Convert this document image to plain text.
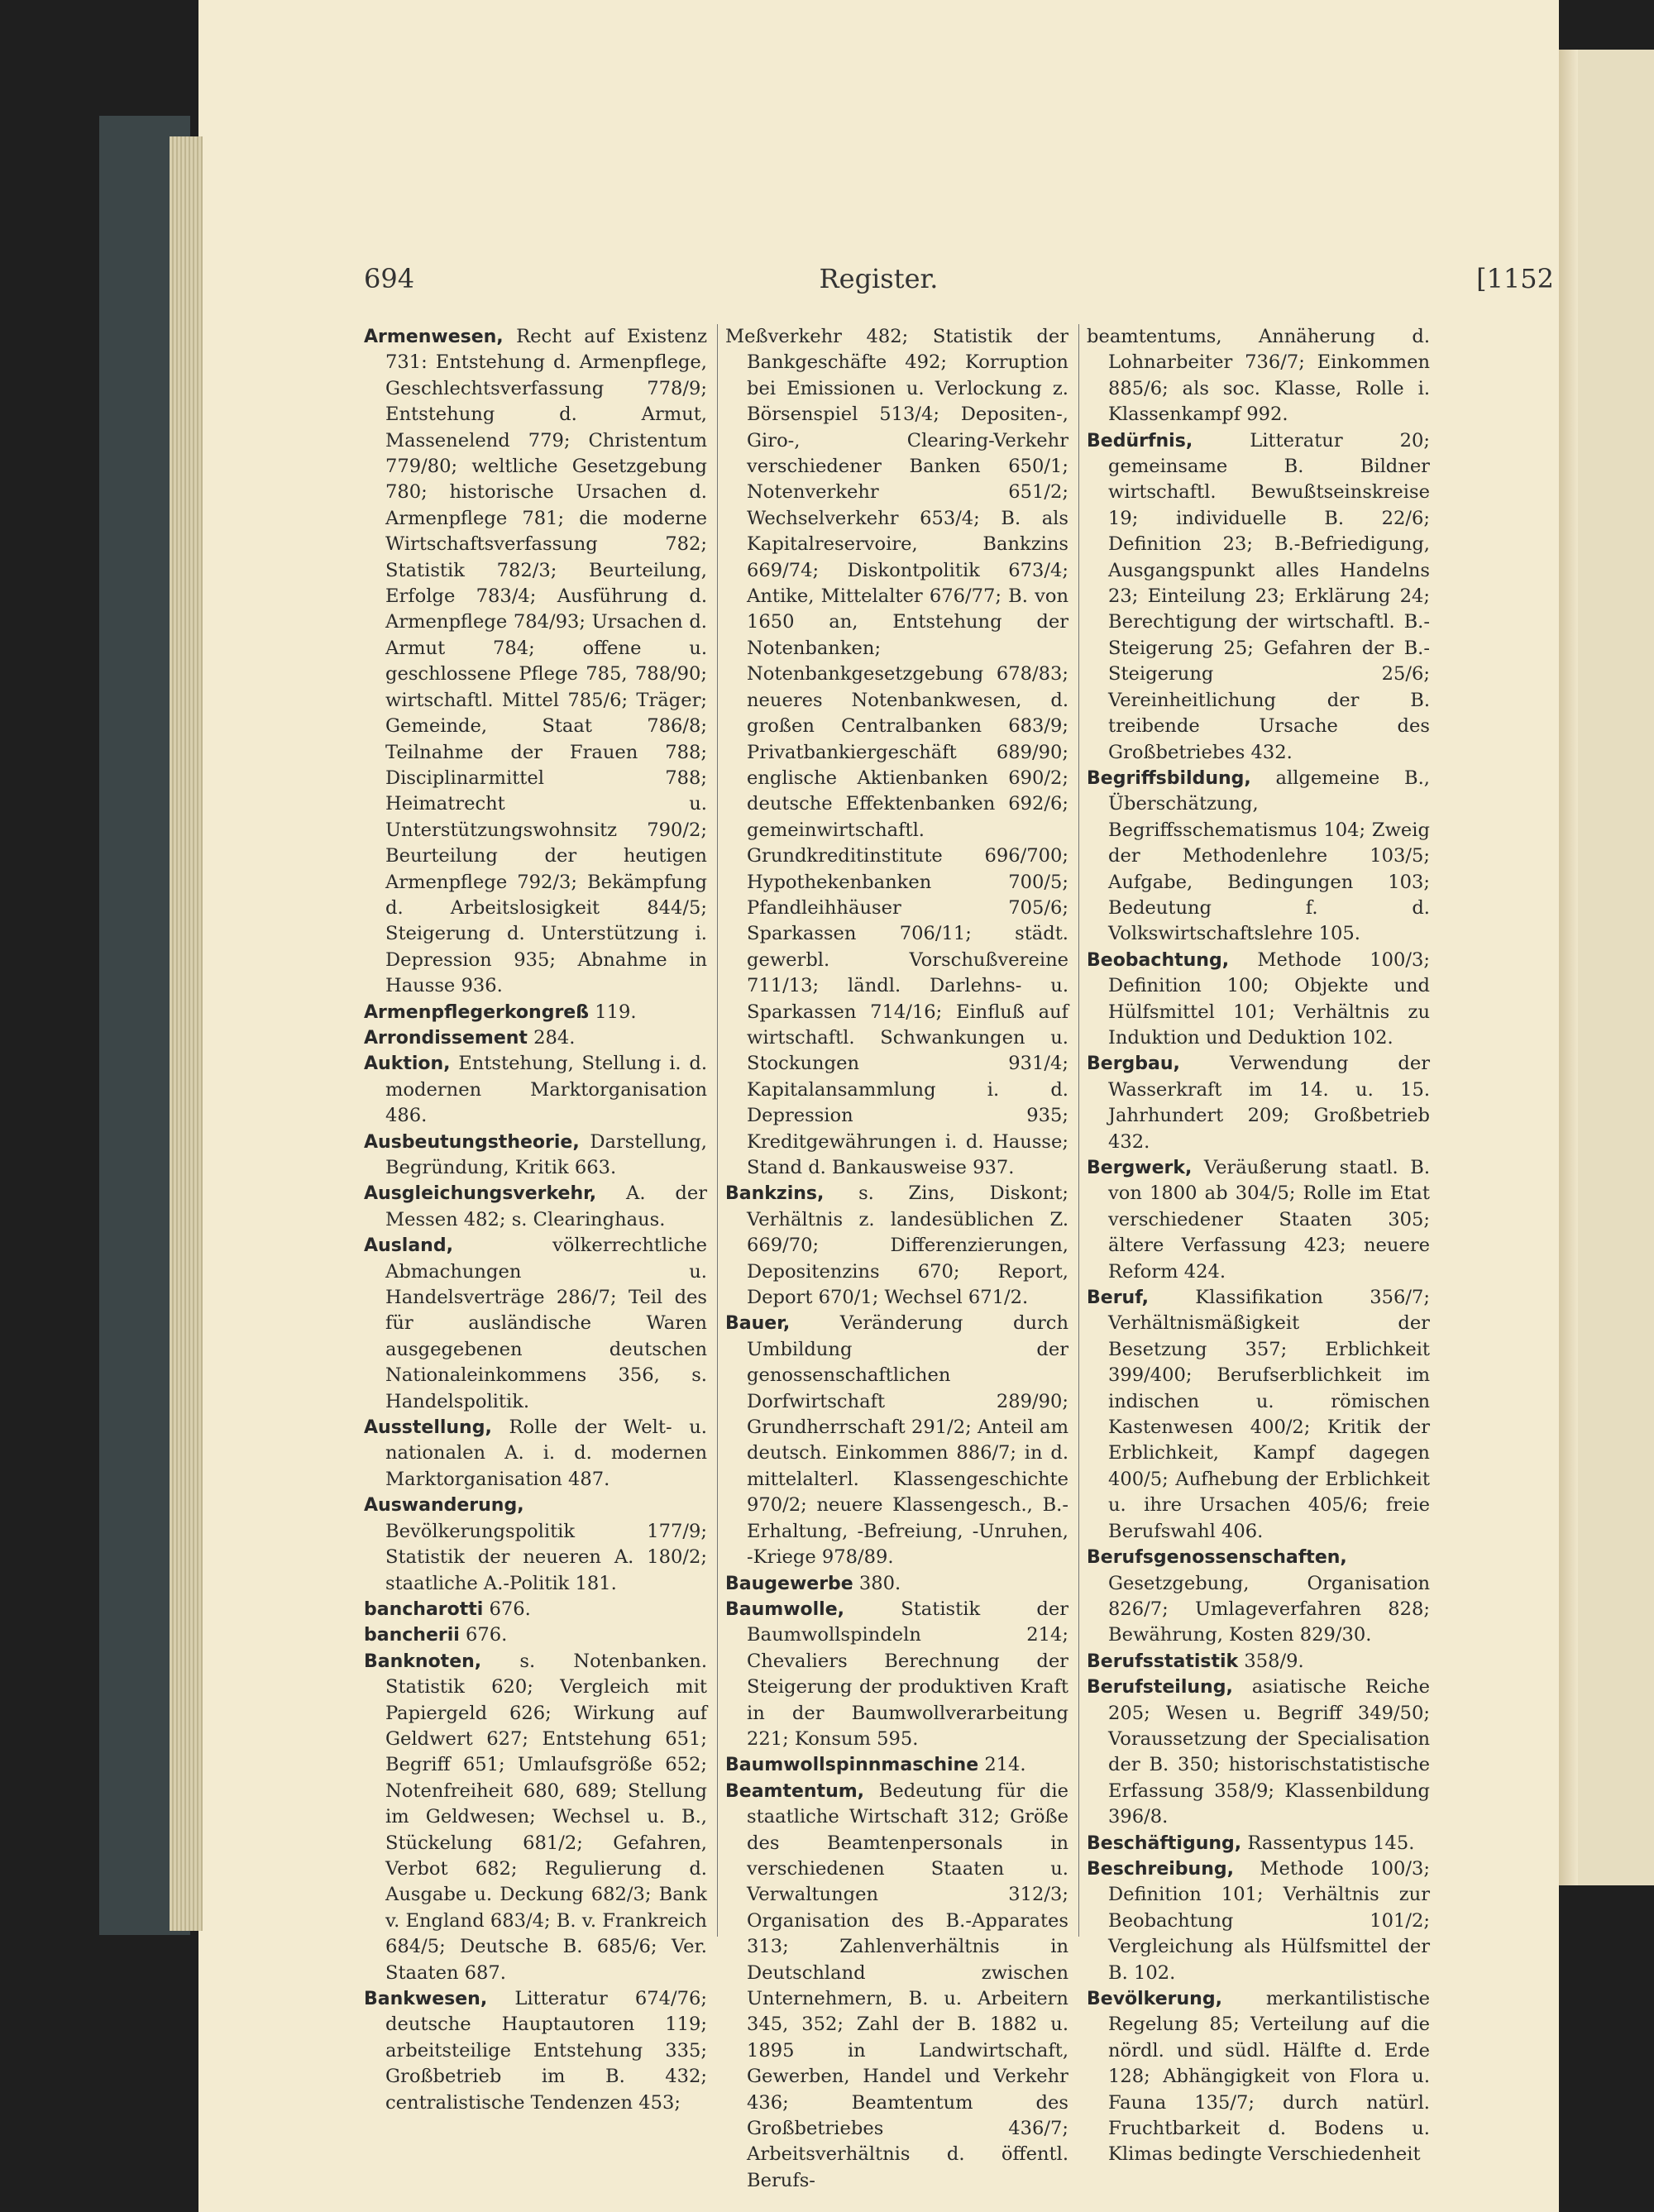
694	Register.	[1152

Armenwesen, Recht auf Existenz 731: Entstehung d. Armenpflege, Geschlechtsverfassung 778/9; Entstehung d. Armut, Massenelend 779; Christentum 779/80; weltliche Gesetzgebung 780; historische Ursachen d. Armenpflege 781; die moderne Wirtschaftsverfassung 782; Statistik 782/3; Beurteilung, Erfolge 783/4; Ausführung d. Armenpflege 784/93; Ursachen d. Armut 784; offene u. geschlossene Pflege 785, 788/90; wirtschaftl. Mittel 785/6; Träger; Gemeinde, Staat 786/8; Teilnahme der Frauen 788; Disciplinarmittel 788; Heimatrecht u. Unterstützungswohnsitz 790/2; Beurteilung der heutigen Armenpflege 792/3; Bekämpfung d. Arbeitslosigkeit 844/5; Steigerung d. Unterstützung i. Depression 935; Abnahme in Hausse 936.

Armenpflegerkongreß 119.

Arrondissement 284.

Auktion, Entstehung, Stellung i. d. modernen Marktorganisation 486.

Ausbeutungstheorie, Darstellung, Begründung, Kritik 663.

Ausgleichungsverkehr, A. der Messen 482; s. Clearinghaus.

Ausland,	völkerrechtliche Abmachungen u. Handelsverträge 286/7; Teil des für ausländische Waren ausgegebenen deutschen Nationaleinkommens 356, s. Handelspolitik.

Ausstellung, Rolle der Welt- u. nationalen A. i. d. modernen Marktorganisation 487.

Auswanderung, Bevölkerungspolitik 177/9; Statistik der neueren A. 180/2; staatliche A.-Politik 181.

bancharotti 676.

bancherii 676.

Banknoten, s. Notenbanken. Statistik 620; Vergleich mit Papiergeld 626; Wirkung auf Geldwert 627; Entstehung 651; Begriff 651; Umlaufsgröße 652; Notenfreiheit 680, 689; Stellung im Geldwesen; Wechsel u. B., Stückelung 681/2; Gefahren, Verbot 682; Regulierung d. Ausgabe u. Deckung 682/3; Bank v. England 683/4; B. v. Frankreich 684/5; Deutsche B. 685/6; Ver. Staaten 687.

Bankwesen, Litteratur 674/76; deutsche Hauptautoren 119; arbeitsteilige Entstehung 335; Großbetrieb im B. 432; centralistische Tendenzen 453;

Meßverkehr 482; Statistik der Bankgeschäfte 492; Korruption bei Emissionen u. Verlockung z. Börsenspiel 513/4; Depositen-, Giro-, Clearing-Verkehr verschiedener Banken 650/1; Notenverkehr 651/2; Wechselverkehr 653/4; B. als Kapitalreservoire, Bankzins 669/74; Diskontpolitik 673/4; Antike, Mittelalter 676/77; B. von 1650 an, Entstehung der Notenbanken; Notenbankgesetzgebung 678/83; neueres Notenbankwesen, d. großen Centralbanken 683/9; Privatbankiergeschäft 689/90; englische Aktienbanken 690/2; deutsche Effektenbanken 692/6; gemeinwirtschaftl. Grundkreditinstitute 696/700; Hypothekenbanken 700/5; Pfandleihhäuser 705/6; Sparkassen 706/11; städt. gewerbl. Vorschußvereine 711/13; ländl. Darlehns- u. Sparkassen 714/16; Einfluß auf wirtschaftl. Schwankungen u. Stockungen 931/4; Kapitalansammlung i. d. Depression 935; Kreditgewährungen i. d. Hausse; Stand d. Bankausweise 937.

Bankzins, s. Zins, Diskont; Verhältnis z. landesüblichen Z. 669/70; Differenzierungen, Depositenzins 670; Report, Deport 670/1; Wechsel 671/2.

Bauer,	Veränderung durch Umbildung der genossenschaftlichen Dorfwirtschaft 289/90; Grundherrschaft 291/2; Anteil am deutsch. Einkommen 886/7; in d. mittelalterl. Klassengeschichte 970/2; neuere Klassengesch., B.-Erhaltung, -Befreiung, -Unruhen, -Kriege 978/89.

Baugewerbe 380.

Baumwolle,	Statistik der Baumwollspindeln 214; Chevaliers Berechnung der Steigerung der produktiven Kraft in der Baumwollverarbeitung 221; Konsum 595.

Baumwollspinnmaschine 214.

Beamtentum, Bedeutung für die staatliche Wirtschaft 312; Größe des Beamtenpersonals in verschiedenen Staaten u. Verwaltungen 312/3; Organisation des B.-Apparates 313; Zahlenverhältnis in Deutschland zwischen Unternehmern, B. u. Arbeitern 345, 352; Zahl der B. 1882 u. 1895 in Landwirtschaft, Gewerben, Handel und Verkehr 436; Beamtentum des Großbetriebes 436/7; Arbeitsverhältnis d. öffentl. Berufs-

beamtentums, Annäherung d. Lohnarbeiter 736/7; Einkommen 885/6; als soc. Klasse, Rolle i. Klassenkampf 992.

Bedürfnis,	Litteratur 20; gemeinsame B. Bildner wirtschaftl. Bewußtseinskreise 19; individuelle B. 22/6; Definition 23; B.-Befriedigung, Ausgangspunkt alles Handelns 23; Einteilung 23; Erklärung 24; Berechtigung der wirtschaftl. B.-Steigerung 25; Gefahren der B.-Steigerung 25/6; Vereinheitlichung der B. treibende Ursache des Großbetriebes 432.

Begriffsbildung, allgemeine B., Überschätzung, Begriffsschematismus 104; Zweig der Methodenlehre 103/5; Aufgabe, Bedingungen 103; Bedeutung f. d. Volkswirtschaftslehre 105.

Beobachtung, Methode 100/3; Definition 100; Objekte und Hülfsmittel 101; Verhältnis zu Induktion und Deduktion 102.

Bergbau,	Verwendung der Wasserkraft im 14. u. 15. Jahrhundert 209; Großbetrieb 432.

Bergwerk, Veräußerung staatl. B. von 1800 ab 304/5; Rolle im Etat verschiedener Staaten 305; ältere Verfassung 423; neuere Reform 424.

Beruf, Klassifikation 356/7; Verhältnismäßigkeit der Besetzung 357; Erblichkeit 399/400; Berufserblichkeit im indischen u. römischen Kastenwesen 400/2; Kritik der Erblichkeit, Kampf dagegen 400/5; Aufhebung der Erblichkeit u. ihre Ursachen 405/6; freie Berufswahl 406.

Berufsgenossenschaften, Gesetzgebung, Organisation 826/7; Umlageverfahren 828; Bewährung, Kosten 829/30.

Berufsstatistik 358/9.

Berufsteilung, asiatische Reiche 205; Wesen u. Begriff 349/50; Voraussetzung der Specialisation der B. 350; historischstatistische Erfassung 358/9; Klassenbildung 396/8.

Beschäftigung, Rassentypus 145.

Beschreibung, Methode 100/3; Definition 101; Verhältnis zur Beobachtung 101/2; Vergleichung als Hülfsmittel der B. 102.

Bevölkerung, merkantilistische Regelung 85; Verteilung auf die nördl. und südl. Hälfte d. Erde 128; Abhängigkeit von Flora u. Fauna 135/7; durch natürl. Fruchtbarkeit d. Bodens u. Klimas bedingte Verschiedenheit
